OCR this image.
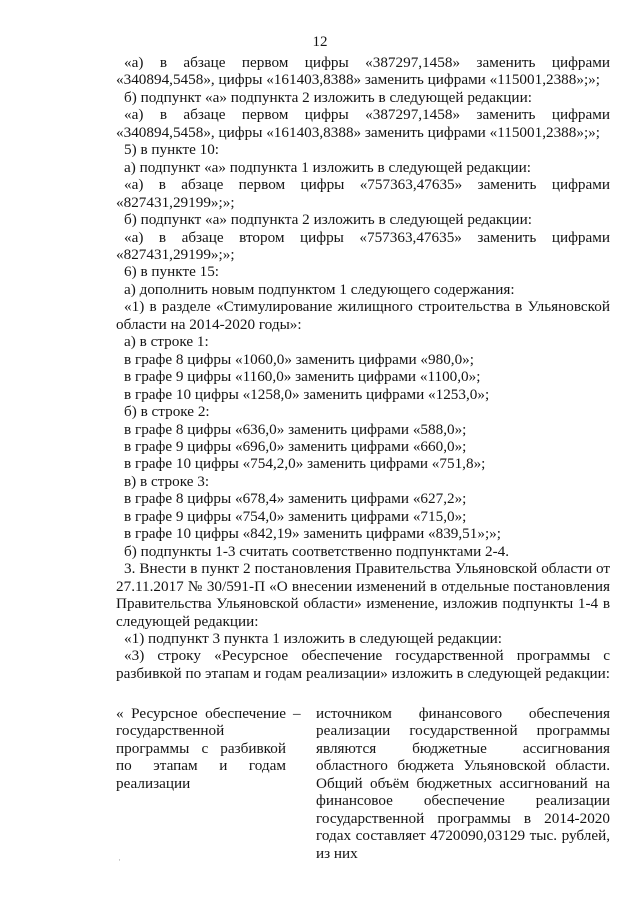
12

«а) в абзаце первом цифры «387297,1458» заменить цифрами «340894,5458», цифры «161403,8388» заменить цифрами «115001,2388»;»;

б) подпункт «а» подпункта 2 изложить в следующей редакции:

«а) в абзаце первом цифры «387297,1458» заменить цифрами «340894,5458», цифры «161403,8388» заменить цифрами «115001,2388»;»;

5) в пункте 10:

а) подпункт «а» подпункта 1 изложить в следующей редакции:

«а) в абзаце первом цифры «757363,47635» заменить цифрами «827431,29199»;»;

б) подпункт «а» подпункта 2 изложить в следующей редакции:

«а) в абзаце втором цифры «757363,47635» заменить цифрами «827431,29199»;»;

6) в пункте 15:

а) дополнить новым подпунктом 1 следующего содержания:

«1) в разделе «Стимулирование жилищного строительства в Ульяновской области на 2014-2020 годы»:

а) в строке 1:

в графе 8 цифры «1060,0» заменить цифрами «980,0»;

в графе 9 цифры «1160,0» заменить цифрами «1100,0»;

в графе 10 цифры «1258,0» заменить цифрами «1253,0»;

б) в строке 2:

в графе 8 цифры «636,0» заменить цифрами «588,0»;

в графе 9 цифры «696,0» заменить цифрами «660,0»;

в графе 10 цифры «754,2,0» заменить цифрами «751,8»;

в) в строке 3:

в графе 8 цифры «678,4» заменить цифрами «627,2»;

в графе 9 цифры «754,0» заменить цифрами «715,0»;

в графе 10 цифры «842,19» заменить цифрами «839,51»;»;

б) подпункты 1-3 считать соответственно подпунктами 2-4.

3. Внести в пункт 2 постановления Правительства Ульяновской области от 27.11.2017 № 30/591-П «О внесении изменений в отдельные постановления Правительства Ульяновской области» изменение, изложив подпункты 1-4 в следующей редакции:

«1) подпункт 3 пункта 1 изложить в следующей редакции:

«3) строку «Ресурсное обеспечение государственной программы с разбивкой по этапам и годам реализации» изложить в следующей редакции:

« Ресурсное обеспечение государственной программы с разбивкой по этапам и годам реализации
– источником финансового обеспечения реализации государственной программы являются бюджетные ассигнования областного бюджета Ульяновской области. Общий объём бюджетных ассигнований на финансовое обеспечение реализации государственной программы в 2014-2020 годах составляет 4720090,03129 тыс. рублей, из них
·
